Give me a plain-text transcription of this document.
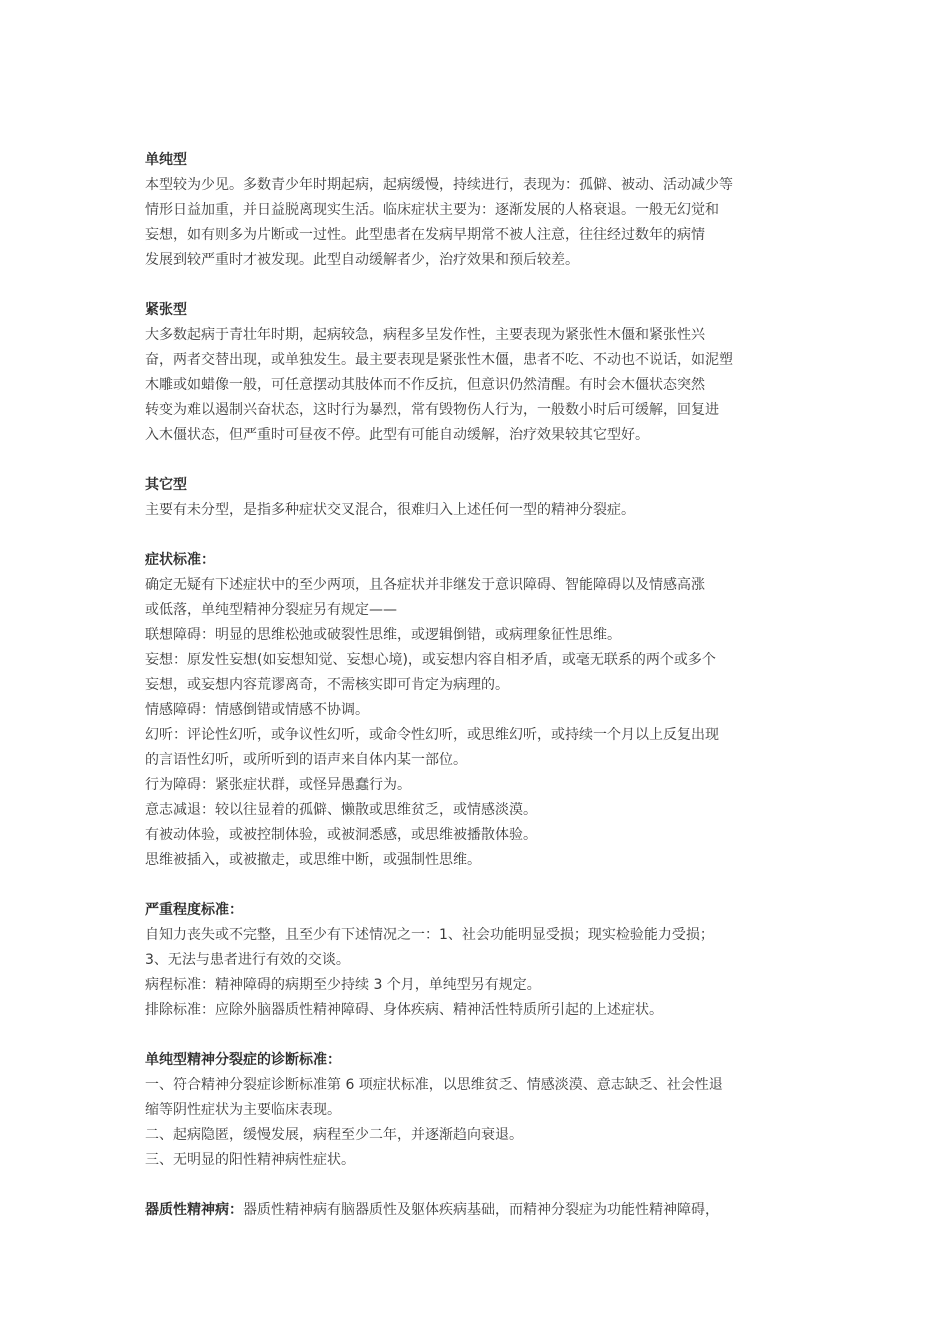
单纯型
本型较为少见。多数青少年时期起病，起病缓慢，持续进行，表现为：孤僻、被动、活动减少等
情形日益加重，并日益脱离现实生活。临床症状主要为：逐渐发展的人格衰退。一般无幻觉和
妄想，如有则多为片断或一过性。此型患者在发病早期常不被人注意，往往经过数年的病情
发展到较严重时才被发现。此型自动缓解者少，治疗效果和预后较差。
紧张型
大多数起病于青壮年时期，起病较急，病程多呈发作性，主要表现为紧张性木僵和紧张性兴
奋，两者交替出现，或单独发生。最主要表现是紧张性木僵，患者不吃、不动也不说话，如泥塑
木雕或如蜡像一般，可任意摆动其肢体而不作反抗，但意识仍然清醒。有时会木僵状态突然
转变为难以遏制兴奋状态，这时行为暴烈，常有毁物伤人行为，一般数小时后可缓解，回复进
入木僵状态，但严重时可昼夜不停。此型有可能自动缓解，治疗效果较其它型好。
其它型
主要有未分型，是指多种症状交叉混合，很难归入上述任何一型的精神分裂症。
症状标准：
确定无疑有下述症状中的至少两项，且各症状并非继发于意识障碍、智能障碍以及情感高涨
或低落，单纯型精神分裂症另有规定——
联想障碍：明显的思维松弛或破裂性思维，或逻辑倒错，或病理象征性思维。
妄想：原发性妄想(如妄想知觉、妄想心境)，或妄想内容自相矛盾，或毫无联系的两个或多个
妄想，或妄想内容荒谬离奇，不需核实即可肯定为病理的。
情感障碍：情感倒错或情感不协调。
幻听：评论性幻听，或争议性幻听，或命令性幻听，或思维幻听，或持续一个月以上反复出现
的言语性幻听，或所听到的语声来自体内某一部位。
行为障碍：紧张症状群，或怪异愚蠢行为。
意志减退：较以往显着的孤僻、懒散或思维贫乏，或情感淡漠。
有被动体验，或被控制体验，或被洞悉感，或思维被播散体验。
思维被插入，或被撤走，或思维中断，或强制性思维。
严重程度标准：
自知力丧失或不完整，且至少有下述情况之一：1、社会功能明显受损；现实检验能力受损；
3、无法与患者进行有效的交谈。
病程标准：精神障碍的病期至少持续 3 个月，单纯型另有规定。
排除标准：应除外脑器质性精神障碍、身体疾病、精神活性特质所引起的上述症状。
单纯型精神分裂症的诊断标准：
一、符合精神分裂症诊断标准第 6 项症状标准，以思维贫乏、情感淡漠、意志缺乏、社会性退
缩等阴性症状为主要临床表现。
二、起病隐匿，缓慢发展，病程至少二年，并逐渐趋向衰退。
三、无明显的阳性精神病性症状。
器质性精神病：器质性精神病有脑器质性及躯体疾病基础，而精神分裂症为功能性精神障碍，
